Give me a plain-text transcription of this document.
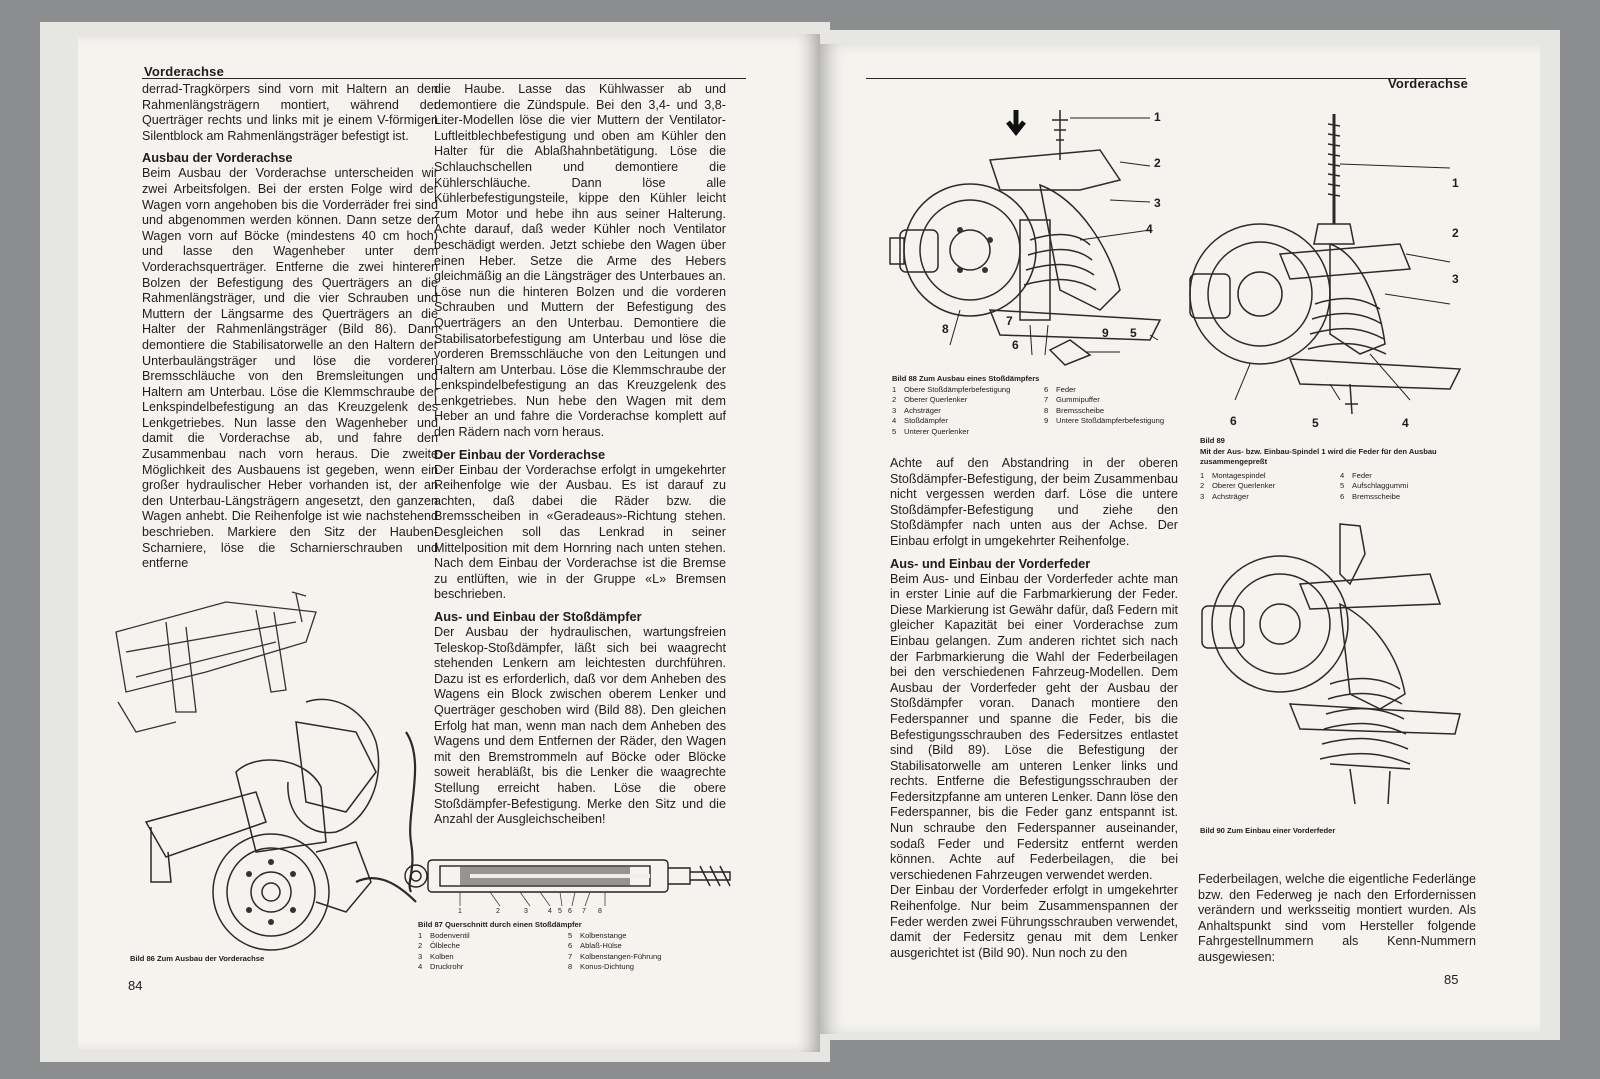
Vorderachse

derrad-Tragkörpers sind vorn mit Haltern an den Rahmenlängsträgern montiert, während der Querträger rechts und links mit je einem V-förmigen Silentblock am Rahmenlängsträger befestigt ist.

Ausbau der Vorderachse

Beim Ausbau der Vorderachse unterscheiden wir zwei Arbeitsfolgen. Bei der ersten Folge wird der Wagen vorn angehoben bis die Vorderräder frei sind und abgenommen werden können. Dann setze den Wagen vorn auf Böcke (mindestens 40 cm hoch) und lasse den Wagenheber unter dem Vorderachsquerträger. Entferne die zwei hinteren Bolzen der Befestigung des Querträgers an die Rahmenlängsträger, und die vier Schrauben und Muttern der Längsarme des Querträgers an die Halter der Rahmenlängsträger (Bild 86). Dann demontiere die Stabilisatorwelle an den Haltern der Unterbaulängsträger und löse die vorderen Bremsschläuche von den Bremsleitungen und Haltern am Unterbau. Löse die Klemmschraube der Lenkspindelbefestigung an das Kreuzgelenk des Lenkgetriebes. Nun lasse den Wagenheber und damit die Vorderachse ab, und fahre den Zusammenbau nach vorn heraus. Die zweite Möglichkeit des Ausbauens ist gegeben, wenn ein großer hydraulischer Heber vorhanden ist, der an den Unterbau-Längsträgern angesetzt, den ganzen Wagen anhebt. Die Reihenfolge ist wie nachstehend beschrieben. Markiere den Sitz der Hauben-Scharniere, löse die Scharnierschrauben und entferne

die Haube. Lasse das Kühlwasser ab und demontiere die Zündspule. Bei den 3,4- und 3,8-Liter-Modellen löse die vier Muttern der Ventilator-Luftleitblechbefestigung und oben am Kühler den Halter für die Ablaßhahnbetätigung. Löse die Schlauchschellen und demontiere die Kühlerschläuche. Dann löse alle Kühlerbefestigungsteile, kippe den Kühler leicht zum Motor und hebe ihn aus seiner Halterung. Achte darauf, daß weder Kühler noch Ventilator beschädigt werden. Jetzt schiebe den Wagen über einen Heber. Setze die Arme des Hebers gleichmäßig an die Längsträger des Unterbaues an. Löse nun die hinteren Bolzen und die vorderen Schrauben und Muttern der Befestigung des Querträgers an den Unterbau. Demontiere die Stabilisatorbefestigung am Unterbau und löse die vorderen Bremsschläuche von den Leitungen und Haltern am Unterbau. Löse die Klemmschraube der Lenkspindelbefestigung an das Kreuzgelenk des Lenkgetriebes. Nun hebe den Wagen mit dem Heber an und fahre die Vorderachse komplett auf den Rädern nach vorn heraus.

Der Einbau der Vorderachse

Der Einbau der Vorderachse erfolgt in umgekehrter Reihenfolge wie der Ausbau. Es ist darauf zu achten, daß dabei die Räder bzw. die Bremsscheiben in «Geradeaus»-Richtung stehen. Desgleichen soll das Lenkrad in seiner Mittelposition mit dem Hornring nach unten stehen. Nach dem Einbau der Vorderachse ist die Bremse zu entlüften, wie in der Gruppe «L» Bremsen beschrieben.

Aus- und Einbau der Stoßdämpfer

Der Ausbau der hydraulischen, wartungsfreien Teleskop-Stoßdämpfer, läßt sich bei waagrecht stehenden Lenkern am leichtesten durchführen. Dazu ist es erforderlich, daß vor dem Anheben des Wagens ein Block zwischen oberem Lenker und Querträger geschoben wird (Bild 88). Den gleichen Erfolg hat man, wenn man nach dem Anheben des Wagens und dem Entfernen der Räder, den Wagen mit den Bremstrommeln auf Böcke oder Blöcke soweit herabläßt, bis die Lenker die waagrechte Stellung erreicht haben. Löse die obere Stoßdämpfer-Befestigung. Merke den Sitz und die Anzahl der Ausgleichscheiben!

Bild 86 Zum Ausbau der Vorderachse
1	2	3	4 5 6 7 8
Bild 87 Querschnitt durch einen Stoßdämpfer
1 Bodenventil
2 Ölbleche
3 Kolben
4 Druckrohr
5 Kolbenstange
6 Ablaß-Hülse
7 Kolbenstangen-Führung
8 Konus-Dichtung
84
Vorderachse
1
2
3
4
5
6
7
8	9
Bild 88 Zum Ausbau eines Stoßdämpfers
1 Obere Stoßdämpferbefestigung
2 Oberer Querlenker
3 Achsträger
4 Stoßdämpfer
5 Unterer Querlenker
6 Feder
7 Gummipuffer
8 Bremsscheibe
9 Untere Stoßdämpferbefestigung
1
2
3
4
5
6
Bild 89
Mit der Aus- bzw. Einbau-Spindel 1 wird die Feder für den Ausbau zusammengepreßt
1 Montagespindel
2 Oberer Querlenker
3 Achsträger
4 Feder
5 Aufschlaggummi
6 Bremsscheibe
Bild 90 Zum Einbau einer Vorderfeder

Achte auf den Abstandring in der oberen Stoßdämpfer-Befestigung, der beim Zusammenbau nicht vergessen werden darf. Löse die untere Stoßdämpfer-Befestigung und ziehe den Stoßdämpfer nach unten aus der Achse. Der Einbau erfolgt in umgekehrter Reihenfolge.

Aus- und Einbau der Vorderfeder

Beim Aus- und Einbau der Vorderfeder achte man in erster Linie auf die Farbmarkierung der Feder. Diese Markierung ist Gewähr dafür, daß Federn mit gleicher Kapazität bei einer Vorderachse zum Einbau gelangen. Zum anderen richtet sich nach der Farbmarkierung die Wahl der Federbeilagen bei den verschiedenen Fahrzeug-Modellen. Dem Ausbau der Vorderfeder geht der Ausbau der Stoßdämpfer voran. Danach montiere den Federspanner und spanne die Feder, bis die Befestigungsschrauben des Federsitzes entlastet sind (Bild 89). Löse die Befestigung der Stabilisatorwelle am unteren Lenker links und rechts. Entferne die Befestigungsschrauben der Federsitzpfanne am unteren Lenker. Dann löse den Federspanner, bis die Feder ganz entspannt ist. Nun schraube den Federspanner auseinander, sodaß Feder und Federsitz entfernt werden können. Achte auf Federbeilagen, die bei verschiedenen Fahrzeugen verwendet werden.

Der Einbau der Vorderfeder erfolgt in umgekehrter Reihenfolge. Nur beim Zusammenspannen der Feder werden zwei Führungsschrauben verwendet, damit der Federsitz genau mit dem Lenker ausgerichtet ist (Bild 90). Nun noch zu den

Federbeilagen, welche die eigentliche Federlänge bzw. den Federweg je nach den Erfordernissen verändern und werksseitig montiert wurden. Als Anhaltspunkt sind vom Hersteller folgende Fahrgestellnummern als Kenn-Nummern ausgewiesen:

85
